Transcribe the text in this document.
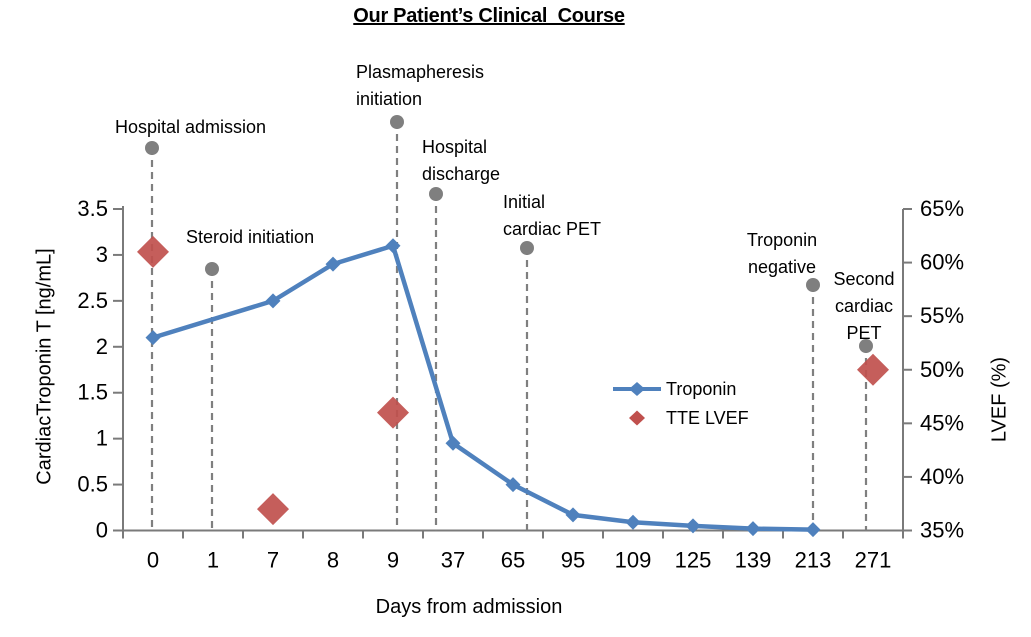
Our Patient’s Clinical  Course
0
0.5
1
1.5
2
2.5
3
3.5
35%
40%
45%
50%
55%
60%
65%
0 1 7 8 9 37 65 95 109 125 139 213 271
Hospital admission
Steroid initiation
Plasmapheresis
initiation
Hospital
discharge
Initial
cardiac PET
Troponin
negative
Second
cardiac
PET
CardiacTroponin T [ng/mL]	LVEF (%)
Days from admission
Troponin
TTE LVEF
